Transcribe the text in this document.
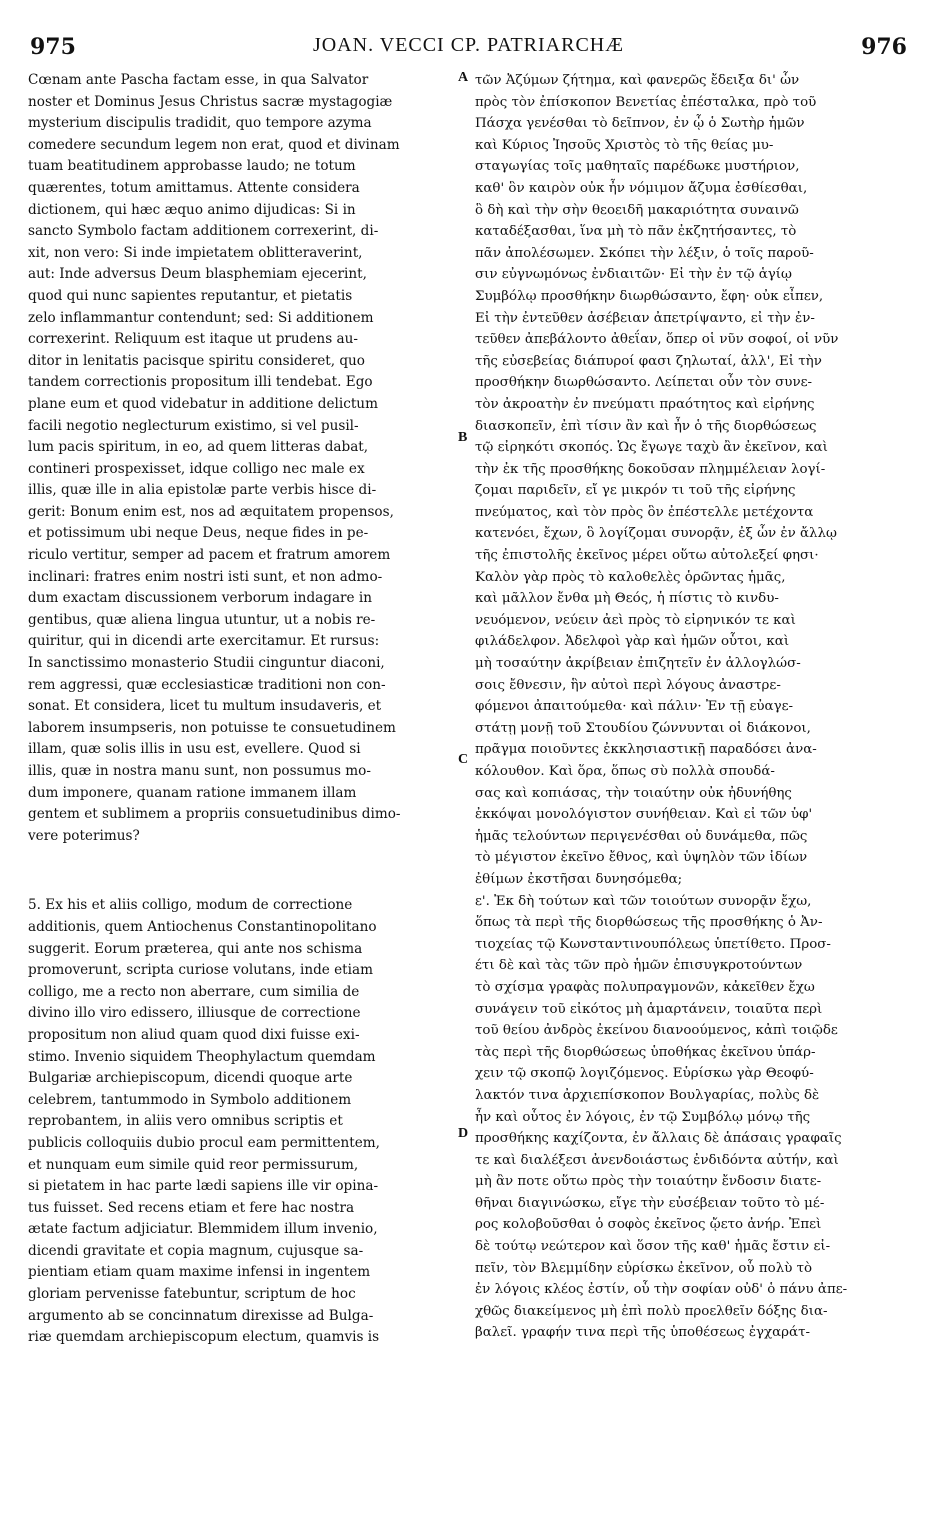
975	JOAN. VECCI CP. PATRIARCHÆ	976
Cœnam ante Pascha factam esse, in qua Salvator
noster et Dominus Jesus Christus sacræ mystagogiæ
mysterium discipulis tradidit, quo tempore azyma
comedere secundum legem non erat, quod et divinam
tuam beatitudinem approbasse laudo; ne totum
quærentes, totum amittamus. Attente considera
dictionem, qui hæc æquo animo dijudicas: Si in
sancto Symbolo factam additionem correxerint, di-
xit, non vero: Si inde impietatem oblitteraverint,
aut: Inde adversus Deum blasphemiam ejecerint,
quod qui nunc sapientes reputantur, et pietatis
zelo inflammantur contendunt; sed: Si additionem
correxerint. Reliquum est itaque ut prudens au-
ditor in lenitatis pacisque spiritu consideret, quo
tandem correctionis propositum illi tendebat. Ego
plane eum et quod videbatur in additione delictum
facili negotio neglecturum existimo, si vel pusil-
lum pacis spiritum, in eo, ad quem litteras dabat,
contineri prospexisset, idque colligo nec male ex
illis, quæ ille in alia epistolæ parte verbis hisce di-
gerit: Bonum enim est, nos ad æquitatem propensos,
et potissimum ubi neque Deus, neque fides in pe-
riculo vertitur, semper ad pacem et fratrum amorem
inclinari: fratres enim nostri isti sunt, et non admo-
dum exactam discussionem verborum indagare in
gentibus, quæ aliena lingua utuntur, ut a nobis re-
quiritur, qui in dicendi arte exercitamur. Et rursus:
In sanctissimo monasterio Studii cinguntur diaconi,
rem aggressi, quæ ecclesiasticæ traditioni non con-
sonat. Et considera, licet tu multum insudaveris, et
laborem insumpseris, non potuisse te consuetudinem
illam, quæ solis illis in usu est, evellere. Quod si
illis, quæ in nostra manu sunt, non possumus mo-
dum imponere, quanam ratione immanem illam
gentem et sublimem a propriis consuetudinibus dimo-
vere poterimus?
5. Ex his et aliis colligo, modum de correctione
additionis, quem Antiochenus Constantinopolitano
suggerit. Eorum præterea, qui ante nos schisma
promoverunt, scripta curiose volutans, inde etiam
colligo, me a recto non aberrare, cum similia de
divino illo viro edissero, illiusque de correctione
propositum non aliud quam quod dixi fuisse exi-
stimo. Invenio siquidem Theophylactum quemdam
Bulgariæ archiepiscopum, dicendi quoque arte
celebrem, tantummodo in Symbolo additionem
reprobantem, in aliis vero omnibus scriptis et
publicis colloquiis dubio procul eam permittentem,
et nunquam eum simile quid reor permissurum,
si pietatem in hac parte lædi sapiens ille vir opina-
tus fuisset. Sed recens etiam et fere hac nostra
ætate factum adjiciatur. Blemmidem illum invenio,
dicendi gravitate et copia magnum, cujusque sa-
pientiam etiam quam maxime infensi in ingentem
gloriam pervenisse fatebuntur, scriptum de hoc
argumento ab se concinnatum direxisse ad Bulga-
riæ quemdam archiepiscopum electum, quamvis is
τῶν Ἀζύμων ζήτημα, καὶ φανερῶς ἔδειξα δι' ὧν
πρὸς τὸν ἐπίσκοπον Βενετίας ἐπέσταλκα, πρὸ τοῦ
Πάσχα γενέσθαι τὸ δεῖπνον, ἐν ᾧ ὁ Σωτὴρ ἡμῶν
καὶ Κύριος Ἰησοῦς Χριστὸς τὸ τῆς θείας μυ-
σταγωγίας τοῖς μαθηταῖς παρέδωκε μυστήριον,
καθ' ὃν καιρὸν οὐκ ἦν νόμιμον ἄζυμα ἐσθίεσθαι,
ὃ δὴ καὶ τὴν σὴν θεοειδῆ μακαριότητα συναινῶ
καταδέξασθαι, ἵνα μὴ τὸ πᾶν ἐκζητήσαντες, τὸ
πᾶν ἀπολέσωμεν. Σκόπει τὴν λέξιν, ὁ τοῖς παροῦ-
σιν εὐγνωμόνως ἐνδιαιτῶν· Εἰ τὴν ἐν τῷ ἁγίῳ
Συμβόλῳ προσθήκην διωρθώσαντο, ἔφη· οὐκ εἶπεν,
Εἰ τὴν ἐντεῦθεν ἀσέβειαν ἀπετρίψαντο, εἰ τὴν ἐν-
τεῦθεν ἀπεβάλοντο ἀθεΐαν, ὅπερ οἱ νῦν σοφοί, οἱ νῦν
τῆς εὐσεβείας διάπυροί φασι ζηλωταί, ἀλλ', Εἰ τὴν
προσθήκην διωρθώσαντο. Λείπεται οὖν τὸν συνε-
τὸν ἀκροατὴν ἐν πνεύματι πραότητος καὶ εἰρήνης
διασκοπεῖν, ἐπὶ τίσιν ἂν καὶ ἦν ὁ τῆς διορθώσεως
τῷ εἰρηκότι σκοπός. Ὡς ἔγωγε ταχὺ ἂν ἐκεῖνον, καὶ
τὴν ἐκ τῆς προσθήκης δοκοῦσαν πλημμέλειαν λογί-
ζομαι παριδεῖν, εἴ γε μικρόν τι τοῦ τῆς εἰρήνης
πνεύματος, καὶ τὸν πρὸς ὃν ἐπέστελλε μετέχοντα
κατενόει, ἔχων, ὃ λογίζομαι συνορᾷν, ἐξ ὧν ἐν ἄλλῳ
τῆς ἐπιστολῆς ἐκεῖνος μέρει οὕτω αὐτολεξεί φησι·
Καλὸν γὰρ πρὸς τὸ καλοθελὲς ὁρῶντας ἡμᾶς,
καὶ μᾶλλον ἔνθα μὴ Θεός, ἡ πίστις τὸ κινδυ-
νευόμενον, νεύειν ἀεὶ πρὸς τὸ εἰρηνικόν τε καὶ
φιλάδελφον. Ἀδελφοὶ γὰρ καὶ ἡμῶν οὗτοι, καὶ
μὴ τοσαύτην ἀκρίβειαν ἐπιζητεῖν ἐν ἀλλογλώσ-
σοις ἔθνεσιν, ἣν αὐτοὶ περὶ λόγους ἀναστρε-
φόμενοι ἀπαιτούμεθα· καὶ πάλιν· Ἐν τῇ εὐαγε-
στάτῃ μονῇ τοῦ Στουδίου ζώννυνται οἱ διάκονοι,
πρᾶγμα ποιοῦντες ἐκκλησιαστικῇ παραδόσει ἀνα-
κόλουθον. Καὶ ὅρα, ὅπως σὺ πολλὰ σπουδά-
σας καὶ κοπιάσας, τὴν τοιαύτην οὐκ ἠδυνήθης
ἐκκόψαι μονολόγιστον συνήθειαν. Καὶ εἰ τῶν ὑφ'
ἡμᾶς τελούντων περιγενέσθαι οὐ δυνάμεθα, πῶς
τὸ μέγιστον ἐκεῖνο ἔθνος, καὶ ὑψηλὸν τῶν ἰδίων
ἐθίμων ἐκστῆσαι δυνησόμεθα;
ε'. Ἐκ δὴ τούτων καὶ τῶν τοιούτων συνορᾷν ἔχω,
ὅπως τὰ περὶ τῆς διορθώσεως τῆς προσθήκης ὁ Ἀν-
τιοχείας τῷ Κωνσταντινουπόλεως ὑπετίθετο. Προσ-
έτι δὲ καὶ τὰς τῶν πρὸ ἡμῶν ἐπισυγκροτούντων
τὸ σχίσμα γραφὰς πολυπραγμονῶν, κἀκεῖθεν ἔχω
συνάγειν τοῦ εἰκότος μὴ ἁμαρτάνειν, τοιαῦτα περὶ
τοῦ θείου ἀνδρὸς ἐκείνου διανοούμενος, κἀπὶ τοιῷδε
τὰς περὶ τῆς διορθώσεως ὑποθήκας ἐκεῖνου ὑπάρ-
χειν τῷ σκοπῷ λογιζόμενος. Εὑρίσκω γὰρ Θεοφύ-
λακτόν τινα ἀρχιεπίσκοπον Βουλγαρίας, πολὺς δὲ
ἦν καὶ οὗτος ἐν λόγοις, ἐν τῷ Συμβόλῳ μόνῳ τῆς
προσθήκης καχίζοντα, ἐν ἄλλαις δὲ ἁπάσαις γραφαῖς
τε καὶ διαλέξεσι ἀνενδοιάστως ἐνδιδόντα αὐτήν, καὶ
μὴ ἂν ποτε οὕτω πρὸς τὴν τοιαύτην ἔνδοσιν διατε-
θῆναι διαγινώσκω, εἴγε τὴν εὐσέβειαν τοῦτο τὸ μέ-
ρος κολοβοῦσθαι ὁ σοφὸς ἐκεῖνος ᾤετο ἀνήρ. Ἐπεὶ
δὲ τούτῳ νεώτερον καὶ ὅσον τῆς καθ' ἡμᾶς ἔστιν εἰ-
πεῖν, τὸν Βλεμμίδην εὑρίσκω ἐκεῖνον, οὗ πολὺ τὸ
ἐν λόγοις κλέος ἐστίν, οὗ τὴν σοφίαν οὐδ' ὁ πάνυ ἀπε-
χθῶς διακείμενος μὴ ἐπὶ πολὺ προελθεῖν δόξης δια-
βαλεῖ. γραφήν τινα περὶ τῆς ὑποθέσεως ἐγχαράτ-
A
B
C
D
